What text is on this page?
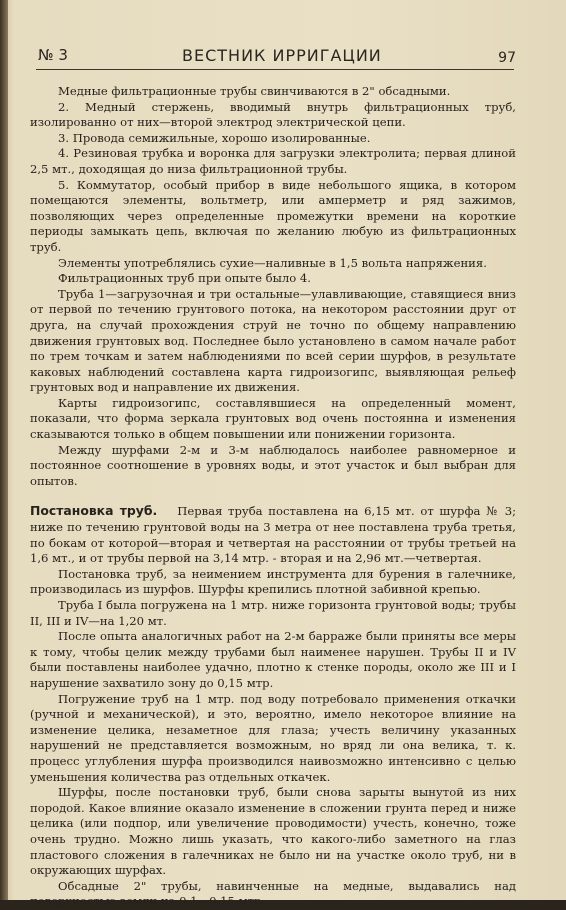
№ 3	ВЕСТНИК ИРРИГАЦИИ	97

Медные фильтрационные трубы свинчиваются в 2" обсадными.

2. Медный стержень, вводимый внутрь фильтрационных труб, изолированно от них—второй электрод электрической цепи.

3. Провода семижильные, хорошо изолированные.

4. Резиновая трубка и воронка для загрузки электролита; первая длиной 2,5 мт., доходящая до низа фильтрационной трубы.

5. Коммутатор, особый прибор в виде небольшого ящика, в котором помещаются элементы, вольтметр, или амперметр и ряд зажимов, позволяющих через определенные промежутки времени на короткие периоды замыкать цепь, включая по желанию любую из фильтрационных труб.

Элементы употреблялись сухие—наливные в 1,5 вольта напряжения.

Фильтрационных труб при опыте было 4.

Труба 1—загрузочная и три остальные—улавливающие, ставящиеся вниз от первой по течению грунтового потока, на некотором расстоянии друг от друга, на случай прохождения струй не точно по общему направлению движения грунтовых вод. Последнее было установлено в самом начале работ по трем точкам и затем наблюдениями по всей серии шурфов, в результате каковых наблюдений составлена карта гидроизогипс, выявляющая рельеф грунтовых вод и направление их движения.

Карты гидроизогипс, составлявшиеся на определенный момент, показали, что форма зеркала грунтовых вод очень постоянна и изменения сказываются только в общем повышении или понижении горизонта.

Между шурфами 2-м и 3-м наблюдалось наиболее равномерное и постоянное соотношение в уровнях воды, и этот участок и был выбран для опытов.

Постановка труб. Первая труба поставлена на 6,15 мт. от шурфа № 3; ниже по течению грунтовой воды на 3 метра от нее поставлена труба третья, по бокам от которой—вторая и четвертая на расстоянии от трубы третьей на 1,6 мт., и от трубы первой на 3,14 мтр. - вторая и на 2,96 мт.—четвертая.

Постановка труб, за неимением инструмента для бурения в галечнике, производилась из шурфов. Шурфы крепились плотной забивной крепью.

Труба I была погружена на 1 мтр. ниже горизонта грунтовой воды; трубы II, III и IV—на 1,20 мт.

После опыта аналогичных работ на 2-м барраже были приняты все меры к тому, чтобы целик между трубами был наименее нарушен. Трубы II и IV были поставлены наиболее удачно, плотно к стенке породы, около же III и I нарушение захватило зону до 0,15 мтр.

Погружение труб на 1 мтр. под воду потребовало применения откачки (ручной и механической), и это, вероятно, имело некоторое влияние на изменение целика, незаметное для глаза; учесть величину указанных нарушений не представляется возможным, но вряд ли она велика, т. к. процесс углубления шурфа производился наивозможно интенсивно с целью уменьшения количества раз отдельных откачек.

Шурфы, после постановки труб, были снова зарыты вынутой из них породой. Какое влияние оказало изменение в сложении грунта перед и ниже целика (или подпор, или увеличение проводимости) учесть, конечно, тоже очень трудно. Можно лишь указать, что какого-либо заметного на глаз пластового сложения в галечниках не было ни на участке около труб, ни в окружающих шурфах.

Обсадные 2" трубы, навинченные на медные, выдавались над поверхностью земли на 0,1—0,15 мтр.
